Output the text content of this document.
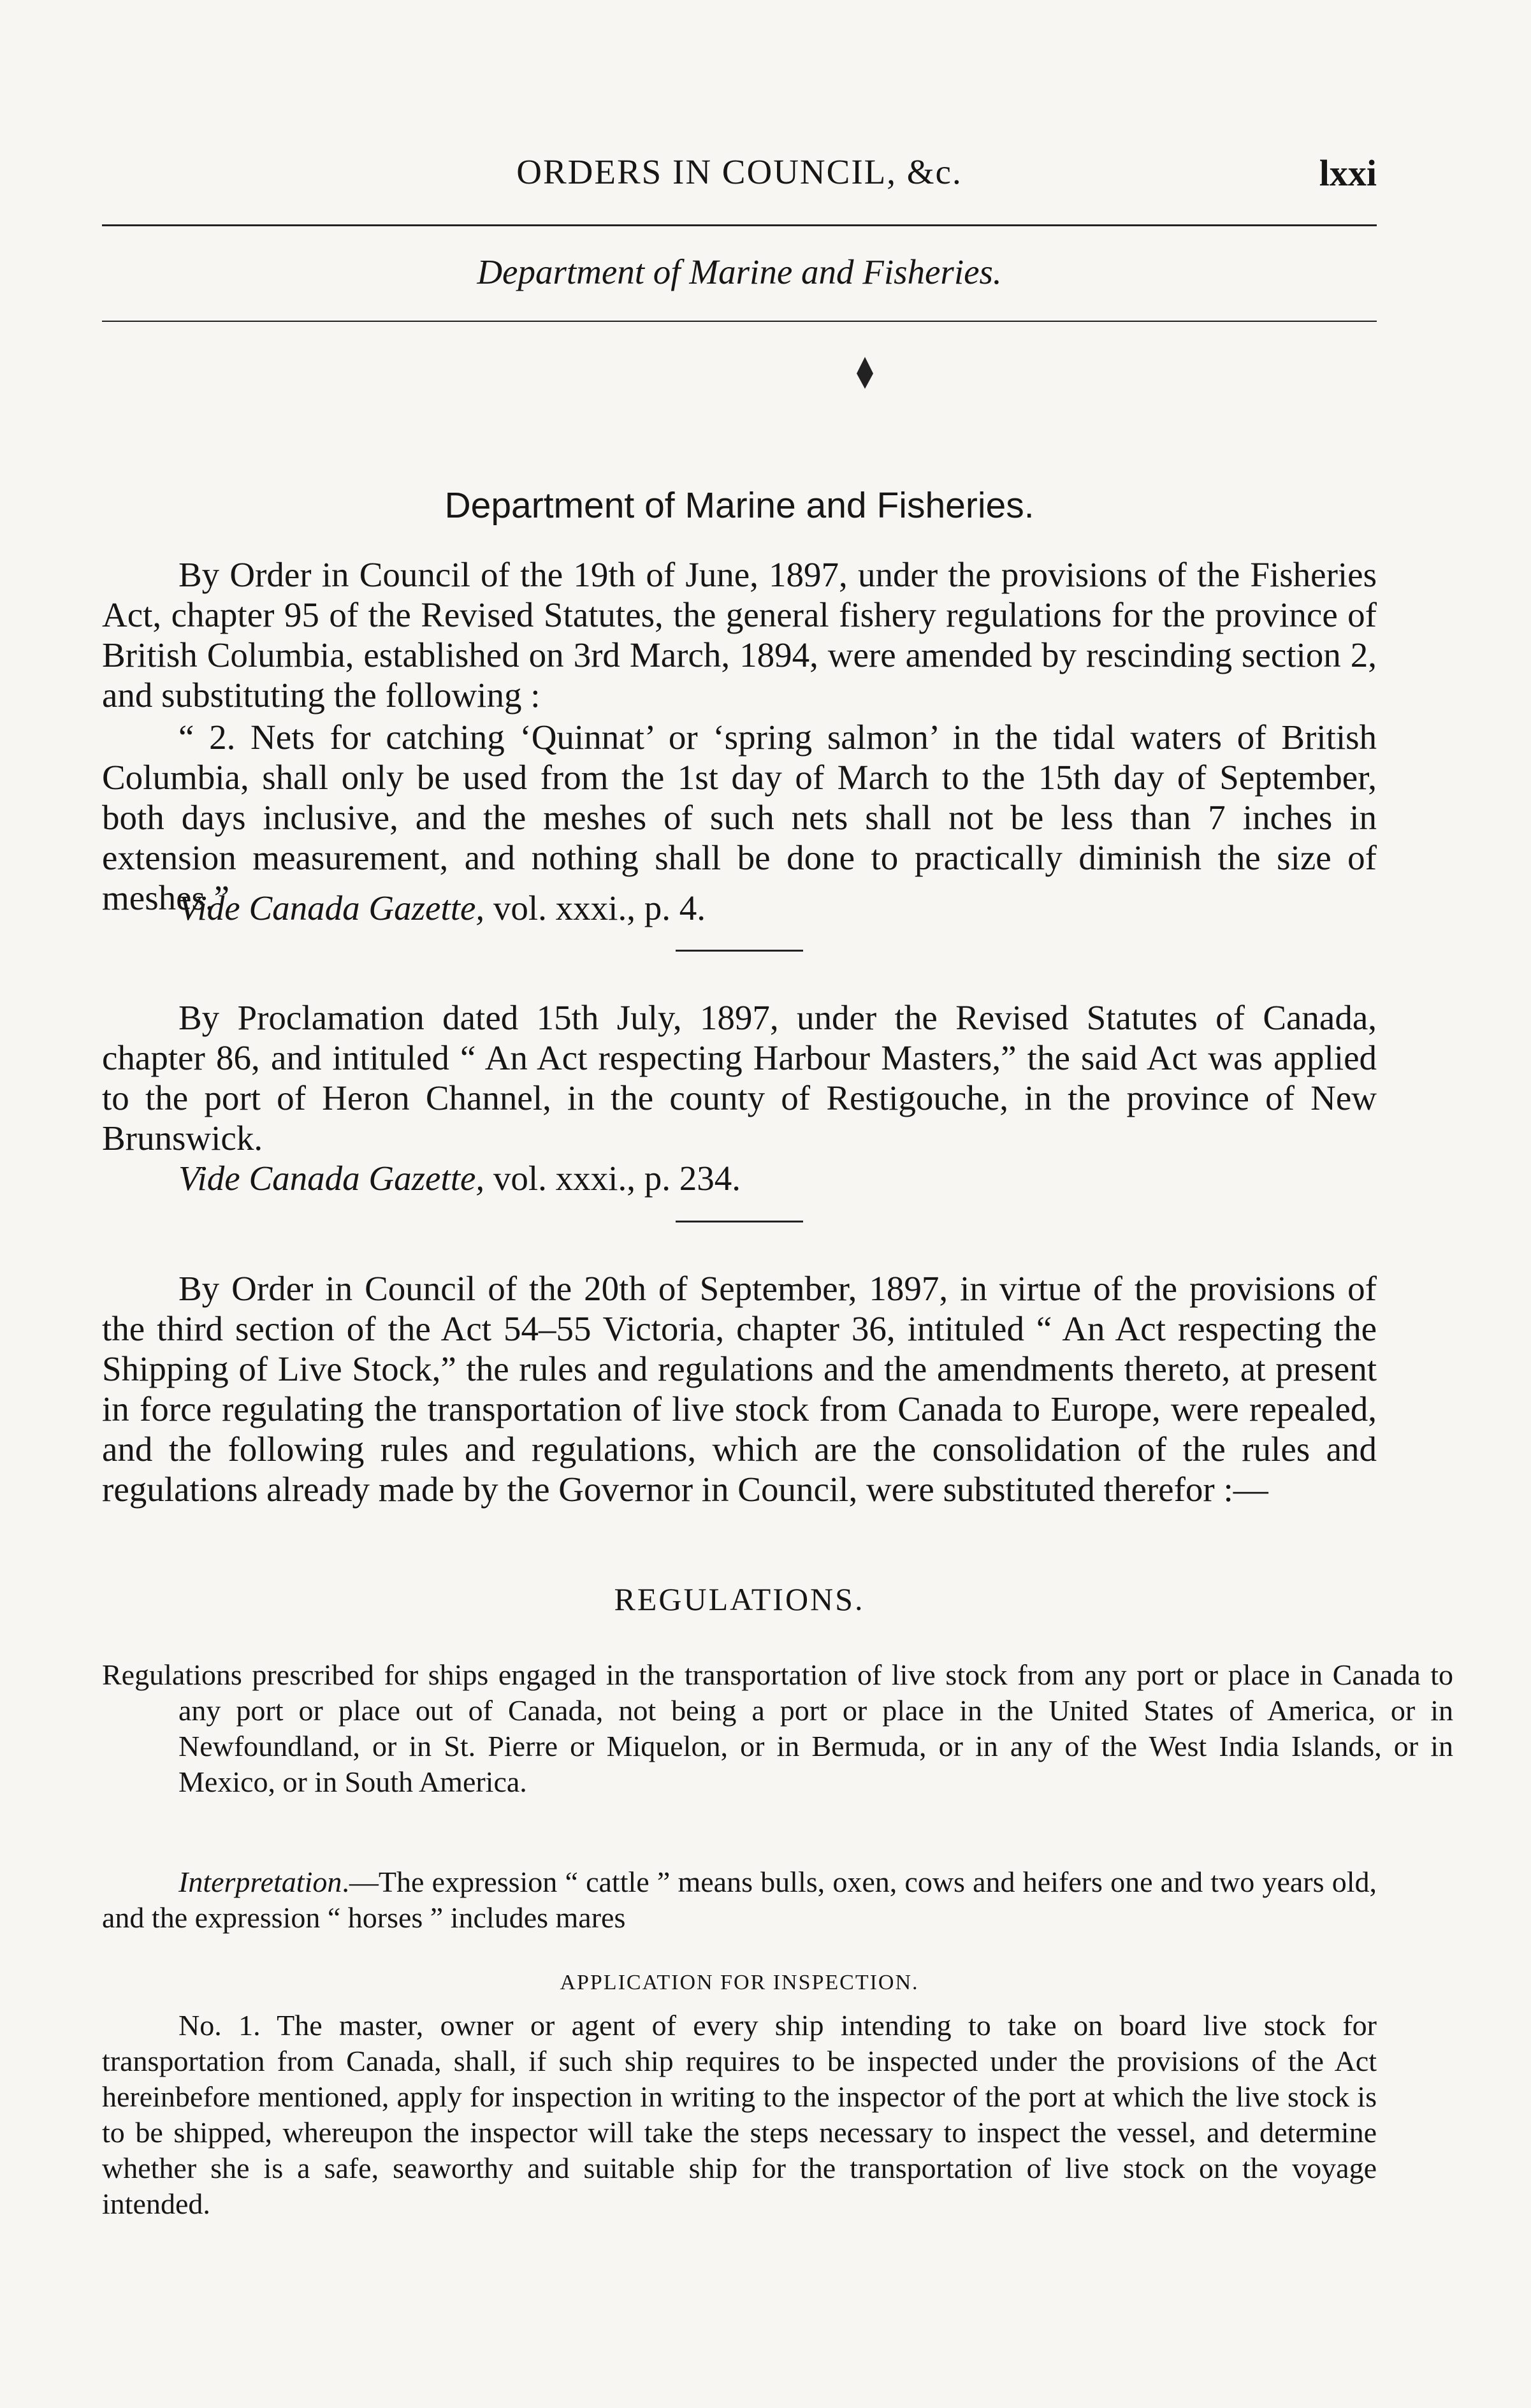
ORDERS IN COUNCIL, &c.	lxxi
Department of Marine and Fisheries.
Department of Marine and Fisheries.
By Order in Council of the 19th of June, 1897, under the provisions of the Fisheries Act, chapter 95 of the Revised Statutes, the general fishery regulations for the province of British Columbia, established on 3rd March, 1894, were amended by rescinding section 2, and substituting the following :
“ 2. Nets for catching ‘Quinnat’ or ‘spring salmon’ in the tidal waters of British Columbia, shall only be used from the 1st day of March to the 15th day of September, both days inclusive, and the meshes of such nets shall not be less than 7 inches in extension measurement, and nothing shall be done to practically diminish the size of meshes.”
Vide Canada Gazette, vol. xxxi., p. 4.
By Proclamation dated 15th July, 1897, under the Revised Statutes of Canada, chapter 86, and intituled “ An Act respecting Harbour Masters,” the said Act was applied to the port of Heron Channel, in the county of Restigouche, in the province of New Brunswick.
Vide Canada Gazette, vol. xxxi., p. 234.
By Order in Council of the 20th of September, 1897, in virtue of the provisions of the third section of the Act 54–55 Victoria, chapter 36, intituled “ An Act respecting the Shipping of Live Stock,” the rules and regulations and the amendments thereto, at present in force regulating the transportation of live stock from Canada to Europe, were repealed, and the following rules and regulations, which are the consolidation of the rules and regulations already made by the Governor in Council, were substituted therefor :—
REGULATIONS.
Regulations prescribed for ships engaged in the transportation of live stock from any port or place in Canada to any port or place out of Canada, not being a port or place in the United States of America, or in Newfoundland, or in St. Pierre or Miquelon, or in Bermuda, or in any of the West India Islands, or in Mexico, or in South America.
Interpretation.—The expression “ cattle ” means bulls, oxen, cows and heifers one and two years old, and the expression “ horses ” includes mares
APPLICATION FOR INSPECTION.
No. 1. The master, owner or agent of every ship intending to take on board live stock for transportation from Canada, shall, if such ship requires to be inspected under the provisions of the Act hereinbefore mentioned, apply for inspection in writing to the inspector of the port at which the live stock is to be shipped, whereupon the inspector will take the steps necessary to inspect the vessel, and determine whether she is a safe, seaworthy and suitable ship for the transportation of live stock on the voyage intended.
